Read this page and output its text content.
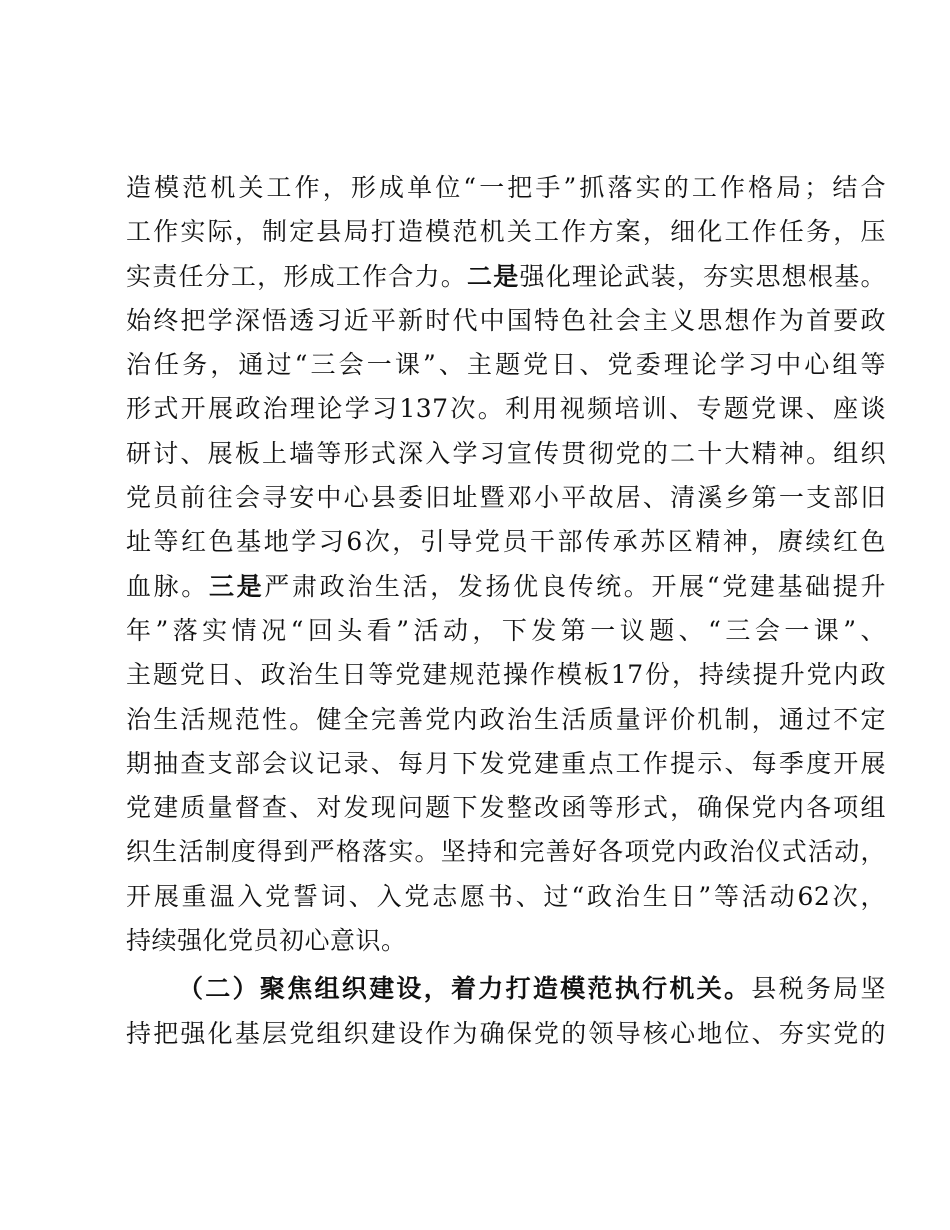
造模范机关工作，形成单位“一把手”抓落实的工作格局；结合
工作实际，制定县局打造模范机关工作方案，细化工作任务，压
实责任分工，形成工作合力。二是强化理论武装，夯实思想根基。
始终把学深悟透习近平新时代中国特色社会主义思想作为首要政
治任务，通过“三会一课”、主题党日、党委理论学习中心组等
形式开展政治理论学习137次。利用视频培训、专题党课、座谈
研讨、展板上墙等形式深入学习宣传贯彻党的二十大精神。组织
党员前往会寻安中心县委旧址暨邓小平故居、清溪乡第一支部旧
址等红色基地学习6次，引导党员干部传承苏区精神，赓续红色
血脉。三是严肃政治生活，发扬优良传统。开展“党建基础提升
年”落实情况“回头看”活动，下发第一议题、“三会一课”、
主题党日、政治生日等党建规范操作模板17份，持续提升党内政
治生活规范性。健全完善党内政治生活质量评价机制，通过不定
期抽查支部会议记录、每月下发党建重点工作提示、每季度开展
党建质量督查、对发现问题下发整改函等形式，确保党内各项组
织生活制度得到严格落实。坚持和完善好各项党内政治仪式活动，
开展重温入党誓词、入党志愿书、过“政治生日”等活动62次，
持续强化党员初心意识。
（二）聚焦组织建设，着力打造模范执行机关。县税务局坚
持把强化基层党组织建设作为确保党的领导核心地位、夯实党的
